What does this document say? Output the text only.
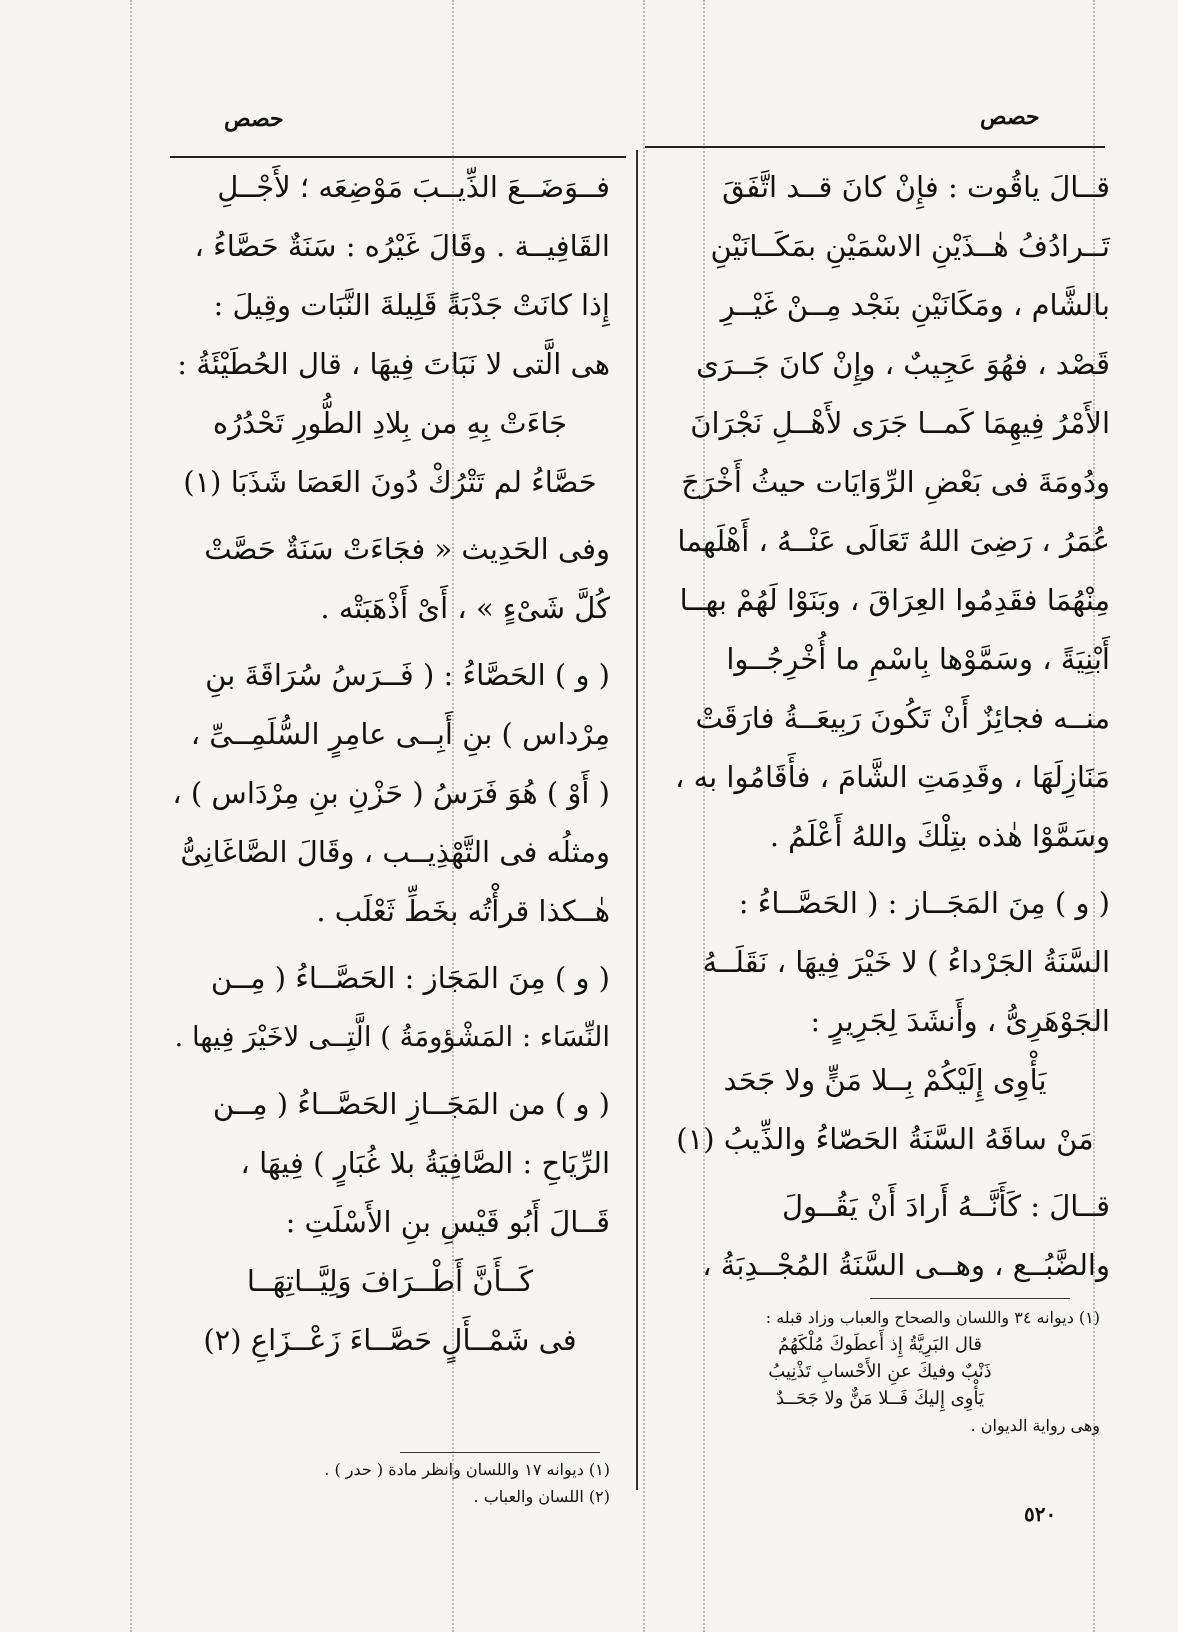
حصص
حصص
قــالَ ياقُوت : فإِنْ كانَ قــد اتَّفَقَ
تَــرادُفُ هٰــذَيْنِ الاسْمَيْنِ بمَكَــانَيْنِ
بالشَّام ، ومَكَانَيْنِ بنَجْد مِــنْ غَيْــرِ
قَصْد ، فهُوَ عَجِيبٌ ، وإِنْ كانَ جَــرَى
الأَمْرُ فِيهِمَا كَمــا جَرَى لأَهْــلِ نَجْرَانَ
ودُومَةَ فى بَعْضِ الرِّوَايَات حيثُ أَخْرَجَ
عُمَرُ ، رَضِىَ اللهُ تَعَالَى عَنْــهُ ، أَهْلَهما
مِنْهُمَا فقَدِمُوا العِرَاقَ ، وبَنَوْا لَهُمْ بهــا
أَبْنِيَةً ، وسَمَّوْها بِاسْمِ ما أُخْرِجُــوا
منــه فجائِزٌ أَنْ تَكُونَ رَبِيعَــةُ فارَقَتْ
مَنَازِلَهَا ، وقَدِمَتِ الشَّامَ ، فأَقَامُوا به ،
وسَمَّوْا هٰذه بتِلْكَ واللهُ أَعْلَمُ .
( و ) مِنَ المَجَــاز : ( الحَصَّــاءُ :
السَّنَةُ الجَرْداءُ ) لا خَيْرَ فِيهَا ، نَقَلَــهُ
الجَوْهَرِىُّ ، وأَنشَدَ لِجَرِيرٍ :
يَأْوِى إِلَيْكُمْ بِــلا مَنٍّ ولا جَحَد
مَنْ ساقَهُ السَّنَةُ الحَصّاءُ والذِّيبُ (١)
قــالَ : كَأَنَّــهُ أَرادَ أَنْ يَقُــولَ
والضَّبُــع ، وهــى السَّنَةُ المُجْــدِبَةُ ،
فــوَضَــعَ الذِّيــبَ مَوْضِعَه ؛ لأَجْــلِ
القَافِيــة . وقَالَ غَيْرُه : سَنَةٌ حَصَّاءُ ،
إِذا كانَتْ جَدْبَةً قَلِيلةَ النَّبَات وقِيلَ :
هى الَّتى لا نَبَاتَ فِيهَا ، قال الحُطَيْئَةُ :
جَاءَتْ بِهِ من بِلادِ الطُّورِ تَحْدُرُه
حَصَّاءُ لم تَتْرُكْ دُونَ العَصَا شَذَبَا (١)
وفى الحَدِيث « فجَاءَتْ سَنَةٌ حَصَّتْ
كُلَّ شَىْءٍ » ، أَىْ أَذْهَبَتْه .
( و ) الحَصَّاءُ : ( فَــرَسُ سُرَاقَةَ بنِ
مِرْداس ) بنِ أَبِــى عامِرٍ السُّلَمِــىِّ ،
( أَوْ ) هُوَ فَرَسُ ( حَزْنِ بنِ مِرْدَاس ) ،
ومثلُه فى التَّهْذِيــب ، وقَالَ الصَّاغَانِىُّ
هٰــكذا قرأْتُه بخَطِّ ثَعْلَب .
( و ) مِنَ المَجَاز : الحَصَّــاءُ ( مِــن
النِّسَاء : المَشْؤومَةُ ) الَّتِــى لاخَيْرَ فِيها .
( و ) من المَجَــازِ الحَصَّــاءُ ( مِــن
الرِّيَاحِ : الصَّافِيَةُ بلا غُبَارٍ ) فِيهَا ،
قَــالَ أَبُو قَيْسِ بنِ الأَسْلَتِ :
كَــأَنَّ أَطْــرَافَ وَلِيَّــاتِهَــا
فى شَمْــأَلٍ حَصَّــاءَ زَعْــزَاعِ (٢)
(١) ديوانه ٣٤ واللسان والصحاح والعباب وزاد قبله :
قال البَرِيَّةُ إِذ أَعطَوكَ مُلْكَهُمُ
ذَنْبٌ وفيكَ عنِ الأَحْسابِ تَذْنِيبُ
يَأْوِى إِليكَ فَــلا مَنٌّ ولا جَحَــدٌ
وهى رواية الديوان .
(١) ديوانه ١٧ واللسان وانظر مادة ( حدر ) .
(٢) اللسان والعباب .
٥٢٠
